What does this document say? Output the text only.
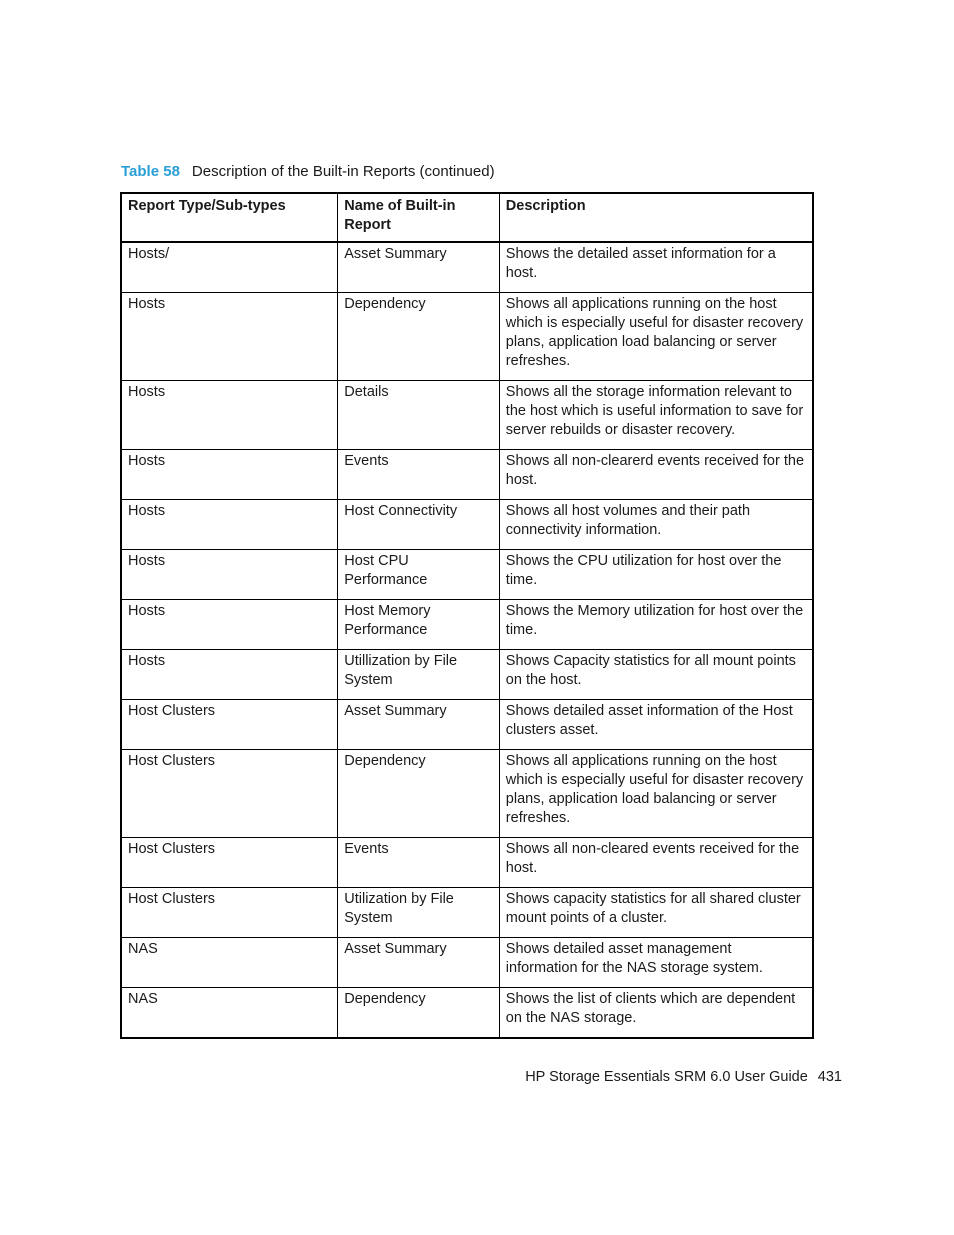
Table 58 Description of the Built-in Reports (continued)
Report Type/Sub-types	Name of Built-in Report	Description
Hosts/	Asset Summary	Shows the detailed asset information for a host.
Hosts	Dependency	Shows all applications running on the host which is especially useful for disaster recovery plans, application load balancing or server refreshes.
Hosts	Details	Shows all the storage information relevant to the host which is useful information to save for server rebuilds or disaster recovery.
Hosts	Events	Shows all non-clearerd events received for the host.
Hosts	Host Connectivity	Shows all host volumes and their path connectivity information.
Hosts	Host CPU Performance	Shows the CPU utilization for host over the time.
Hosts	Host Memory Performance	Shows the Memory utilization for host over the time.
Hosts	Utillization by File System	Shows Capacity statistics for all mount points on the host.
Host Clusters	Asset Summary	Shows detailed asset information of the Host clusters asset.
Host Clusters	Dependency	Shows all applications running on the host which is especially useful for disaster recovery plans, application load balancing or server refreshes.
Host Clusters	Events	Shows all non-cleared events received for the host.
Host Clusters	Utilization by File System	Shows capacity statistics for all shared cluster mount points of a cluster.
NAS	Asset Summary	Shows detailed asset management information for the NAS storage system.
NAS	Dependency	Shows the list of clients which are dependent on the NAS storage.
HP Storage Essentials SRM 6.0 User Guide 431
